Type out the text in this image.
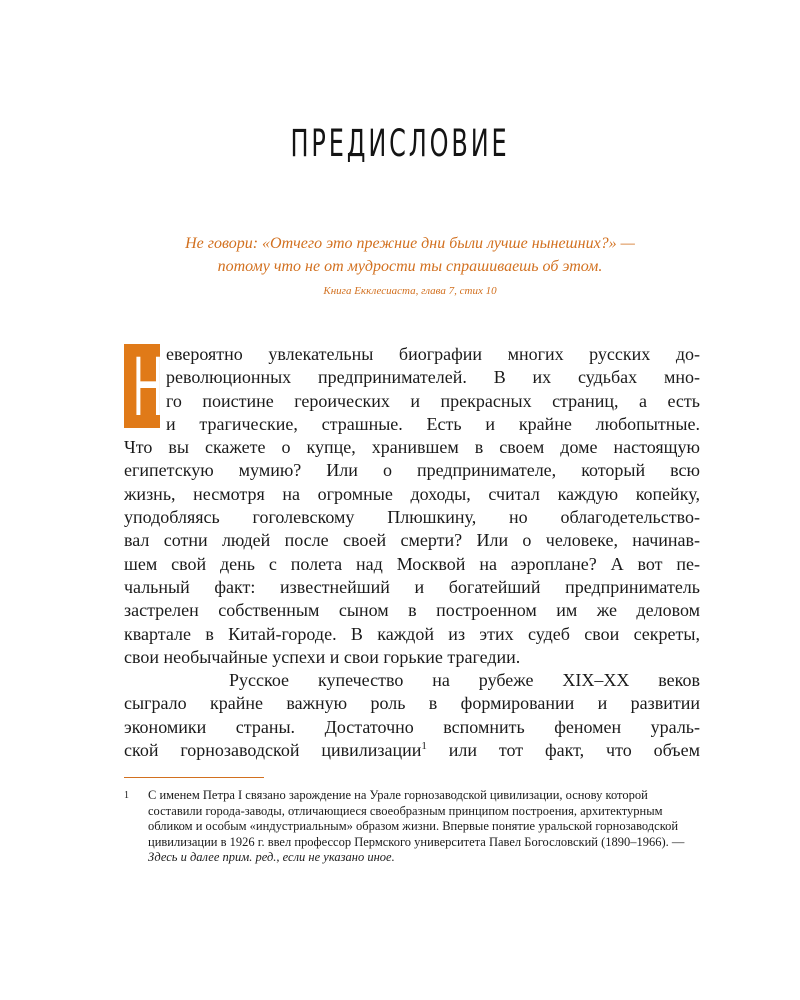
ПРЕДИСЛОВИЕ
Не говори: «Отчего это прежние дни были лучше нынешних?» —
потому что не от мудрости ты спрашиваешь об этом.
Книга Екклесиаста, глава 7, стих 10
Н евероятно увлекательны биографии многих русских до-
революционных предпринимателей. В их судьбах мно-
го поистине героических и прекрасных страниц, а есть
и трагические, страшные. Есть и крайне любопытные.
Что вы скажете о купце, хранившем в своем доме настоящую
египетскую мумию? Или о предпринимателе, который всю
жизнь, несмотря на огромные доходы, считал каждую копейку,
уподобляясь гоголевскому Плюшкину, но облагодетельство-
вал сотни людей после своей смерти? Или о человеке, начинав-
шем свой день с полета над Москвой на аэроплане? А вот пе-
чальный факт: известнейший и богатейший предприниматель
застрелен собственным сыном в построенном им же деловом
квартале в Китай-городе. В каждой из этих судеб свои секреты,
свои необычайные успехи и свои горькие трагедии.
Русское купечество на рубеже XIX–XX веков
сыграло крайне важную роль в формировании и развитии
экономики страны. Достаточно вспомнить феномен ураль-
ской горнозаводской цивилизации$^1$ или тот факт, что объем
1 С именем Петра I связано зарождение на Урале горнозаводской цивилизации, основу которой составили города-заводы, отличающиеся своеобразным принципом построения, архитектурным обликом и особым «индустриальным» образом жизни. Впервые понятие уральской горнозаводской цивилизации в 1926 г. ввел профессор Пермского университета Павел Богословский (1890–1966). — Здесь и далее прим. ред., если не указано иное.
